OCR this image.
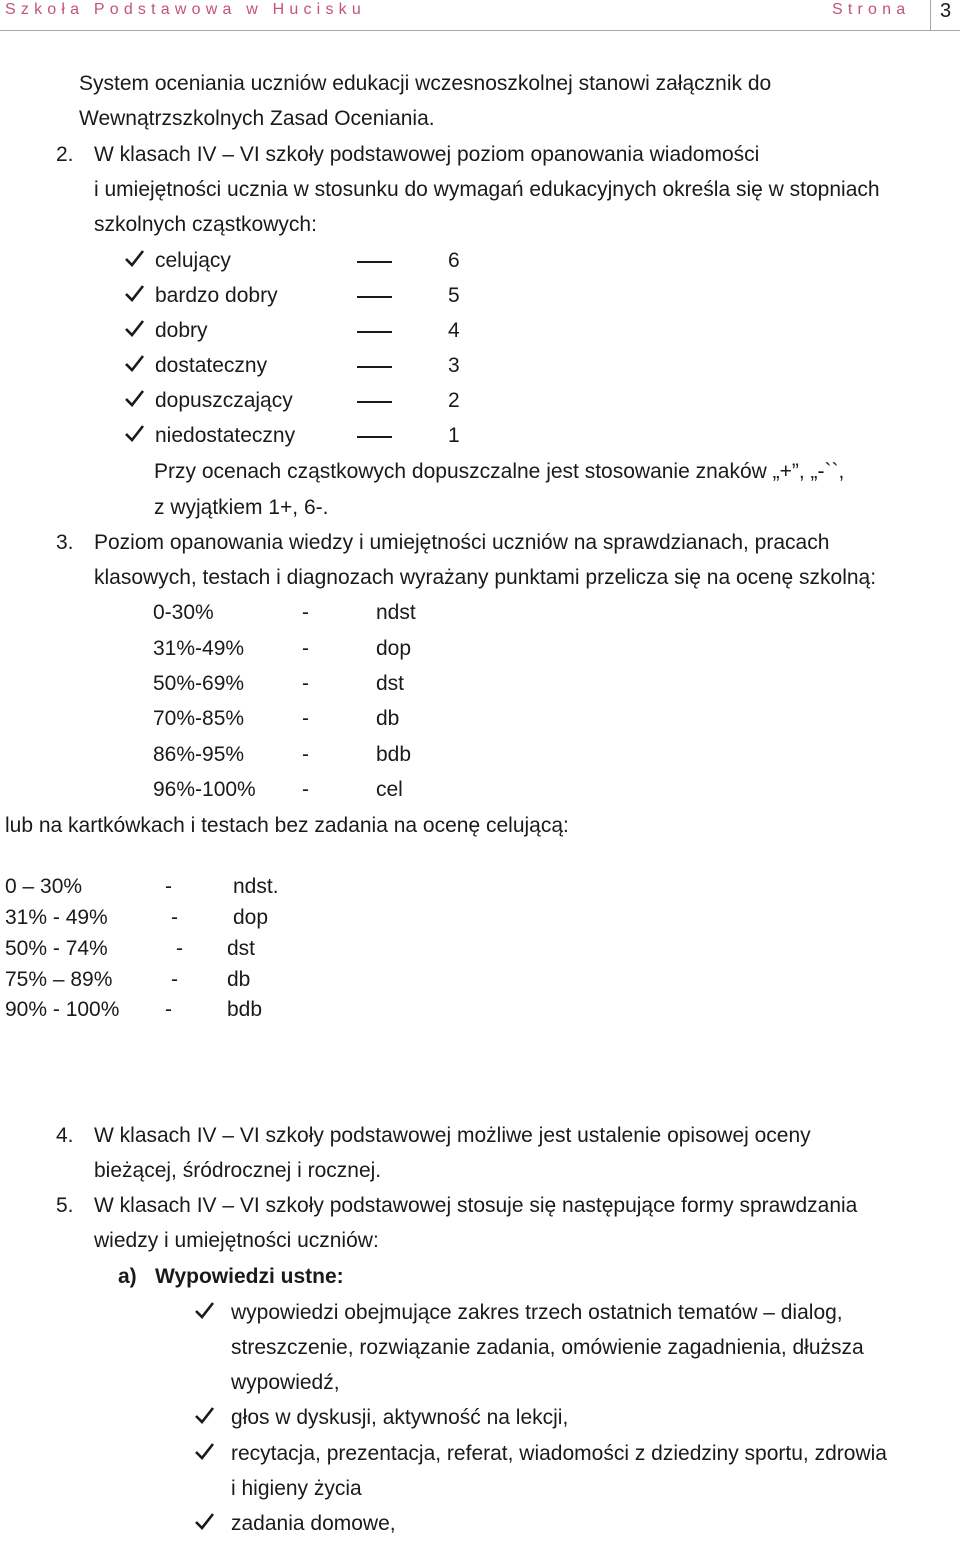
Szkoła Podstawowa w Hucisku	Strona 3
System oceniania uczniów edukacji wczesnoszkolnej stanowi załącznik do
Wewnątrzszkolnych Zasad Oceniania.
2. W klasach IV – VI szkoły podstawowej poziom opanowania wiadomości
i umiejętności ucznia w stosunku do wymagań edukacyjnych określa się w stopniach
szkolnych cząstkowych:
celujący	6
bardzo dobry	5
dobry	4
dostateczny	3
dopuszczający	2
niedostateczny	1
Przy ocenach cząstkowych dopuszczalne jest stosowanie znaków „+”, „-``,
z wyjątkiem 1+, 6-.
3. Poziom opanowania wiedzy i umiejętności uczniów na sprawdzianach, pracach
klasowych, testach i diagnozach wyrażany punktami przelicza się na ocenę szkolną:
0-30%	-	ndst
31%-49%	-	dop
50%-69%	-	dst
70%-85%	-	db
86%-95%	-	bdb
96%-100% -	cel
lub na kartkówkach i testach bez zadania na ocenę celującą:
0 – 30%	-	ndst.
31% - 49%	-	dop
50% - 74%	- dst
75% – 89%	- db
90% - 100% -	bdb
4. W klasach IV – VI szkoły podstawowej możliwe jest ustalenie opisowej oceny
bieżącej, śródrocznej i rocznej.
5. W klasach IV – VI szkoły podstawowej stosuje się następujące formy sprawdzania
wiedzy i umiejętności uczniów:
a) Wypowiedzi ustne:
wypowiedzi obejmujące zakres trzech ostatnich tematów – dialog,
streszczenie, rozwiązanie zadania, omówienie zagadnienia, dłuższa
wypowiedź,
głos w dyskusji, aktywność na lekcji,
recytacja, prezentacja, referat, wiadomości z dziedziny sportu, zdrowia
i higieny życia
zadania domowe,
